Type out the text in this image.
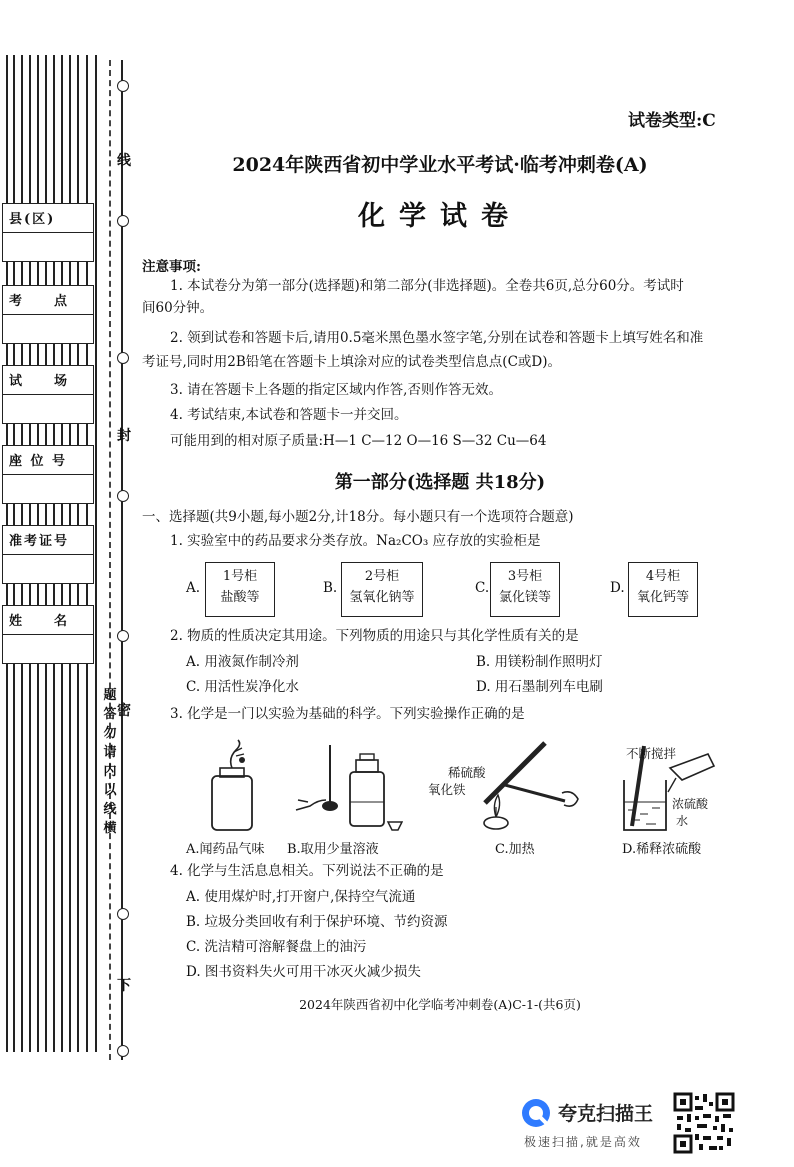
线
封
密
下
题
答
勿
请
内
以
线
横
县(区)
考　　点
试　　场
座 位 号
准考证号
姓　　名
试卷类型:C
2024年陕西省初中学业水平考试·临考冲刺卷(A)
化学试卷
注意事项:
1. 本试卷分为第一部分(选择题)和第二部分(非选择题)。全卷共6页,总分60分。考试时
间60分钟。
2. 领到试卷和答题卡后,请用0.5毫米黑色墨水签字笔,分别在试卷和答题卡上填写姓名和准
考证号,同时用2B铅笔在答题卡上填涂对应的试卷类型信息点(C或D)。
3. 请在答题卡上各题的指定区域内作答,否则作答无效。
4. 考试结束,本试卷和答题卡一并交回。
可能用到的相对原子质量:H—1 C—12 O—16 S—32 Cu—64
第一部分(选择题 共18分)
一、选择题(共9小题,每小题2分,计18分。每小题只有一个选项符合题意)
1. 实验室中的药品要求分类存放。Na₂CO₃ 应存放的实验柜是
A.
1号柜
盐酸等
B.
2号柜
氢氧化钠等
C.
3号柜
氯化镁等
D.
4号柜
氧化钙等
2. 物质的性质决定其用途。下列物质的用途只与其化学性质有关的是
A. 用液氮作制冷剂	B. 用镁粉制作照明灯
C. 用活性炭净化水	D. 用石墨制列车电刷
3. 化学是一门以实验为基础的科学。下列实验操作正确的是
稀硫酸
氧化铁
不断搅拌
浓硫酸
水
A.闻药品气味 B.取用少量溶液	C.加热	D.稀释浓硫酸
4. 化学与生活息息相关。下列说法不正确的是
A. 使用煤炉时,打开窗户,保持空气流通
B. 垃圾分类回收有利于保护环境、节约资源
C. 洗洁精可溶解餐盘上的油污
D. 图书资料失火可用干冰灭火减少损失
2024年陕西省初中化学临考冲刺卷(A)C-1-(共6页)
夸克扫描王
极速扫描,就是高效
